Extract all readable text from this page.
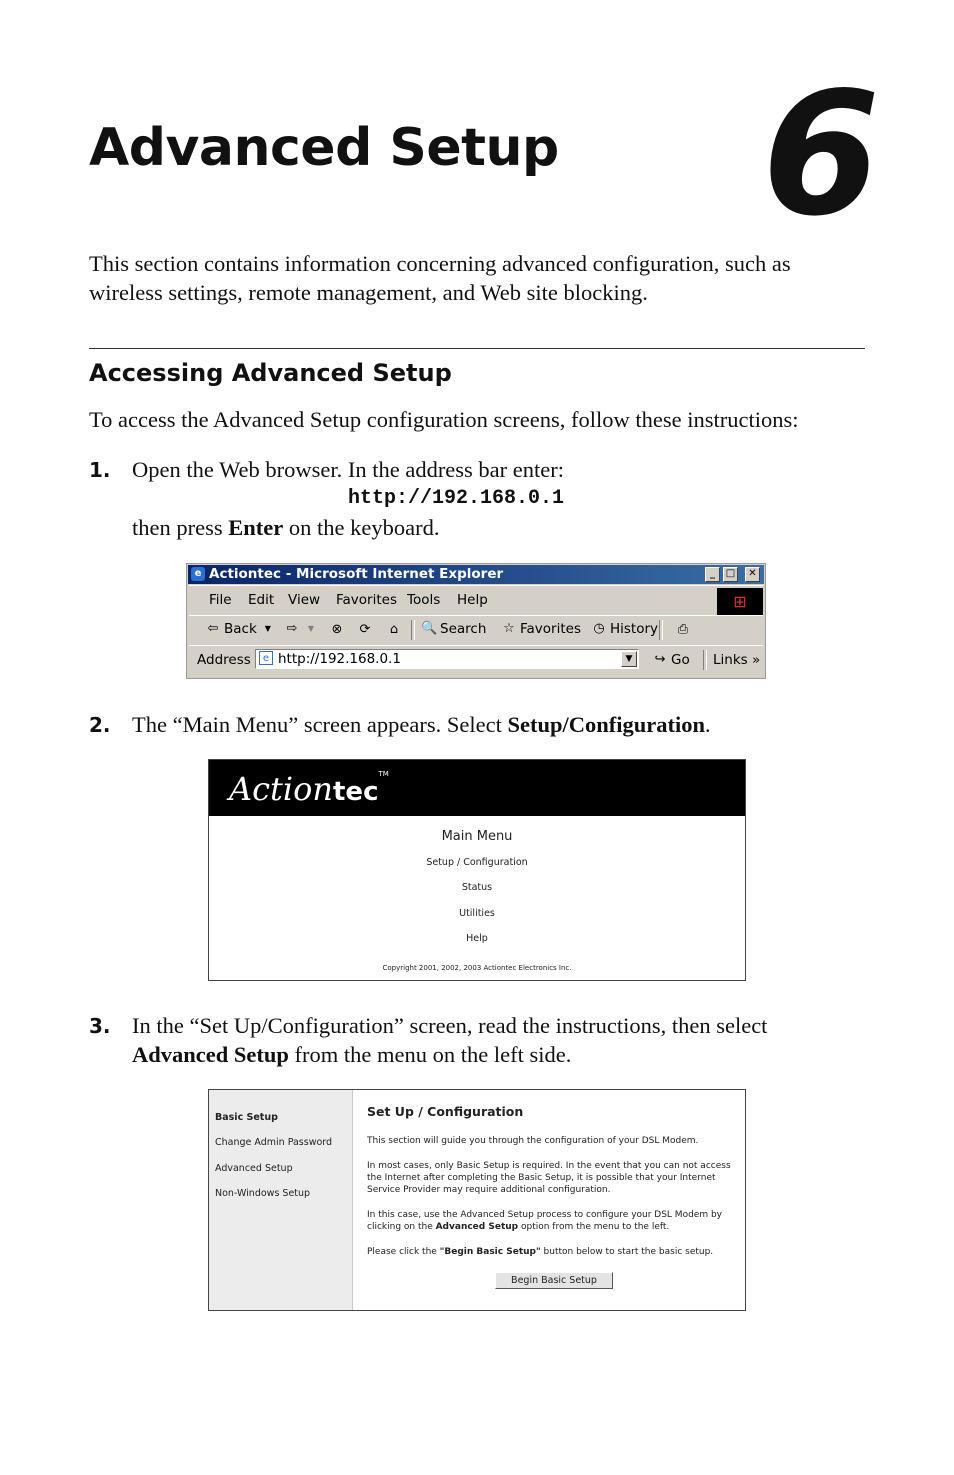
Advanced Setup 6
This section contains information concerning advanced configuration, such as wireless settings, remote management, and Web site blocking.
Accessing Advanced Setup
To access the Advanced Setup configuration screens, follow these instructions:
1. Open the Web browser. In the address bar enter:
http://192.168.0.1
then press Enter on the keyboard.
e Actiontec - Microsoft Internet Explorer	_	□	✕
File Edit View Favorites Tools Help	⊞
⇦ Back ▼	⇨	▼	⊗ ⟳ ⌂ 🔍 Search ☆ Favorites ◷ History ⎙
Address	e http://192.168.0.1	▼	↪ Go Links »
2. The “Main Menu” screen appears. Select Setup/Configuration.
Actiontec™
Main Menu
Setup / Configuration
Status
Utilities
Help
Copyright 2001, 2002, 2003 Actiontec Electronics Inc.
3. In the “Set Up/Configuration” screen, read the instructions, then select
Advanced Setup from the menu on the left side.
Basic Setup
Change Admin Password
Advanced Setup
Non-Windows Setup
Set Up / Configuration
This section will guide you through the configuration of your DSL Modem.
In most cases, only Basic Setup is required. In the event that you can not access the Internet after completing the Basic Setup, it is possible that your Internet Service Provider may require additional configuration.
In this case, use the Advanced Setup process to configure your DSL Modem by clicking on the Advanced Setup option from the menu to the left.
Please click the "Begin Basic Setup" button below to start the basic setup.
Begin Basic Setup
